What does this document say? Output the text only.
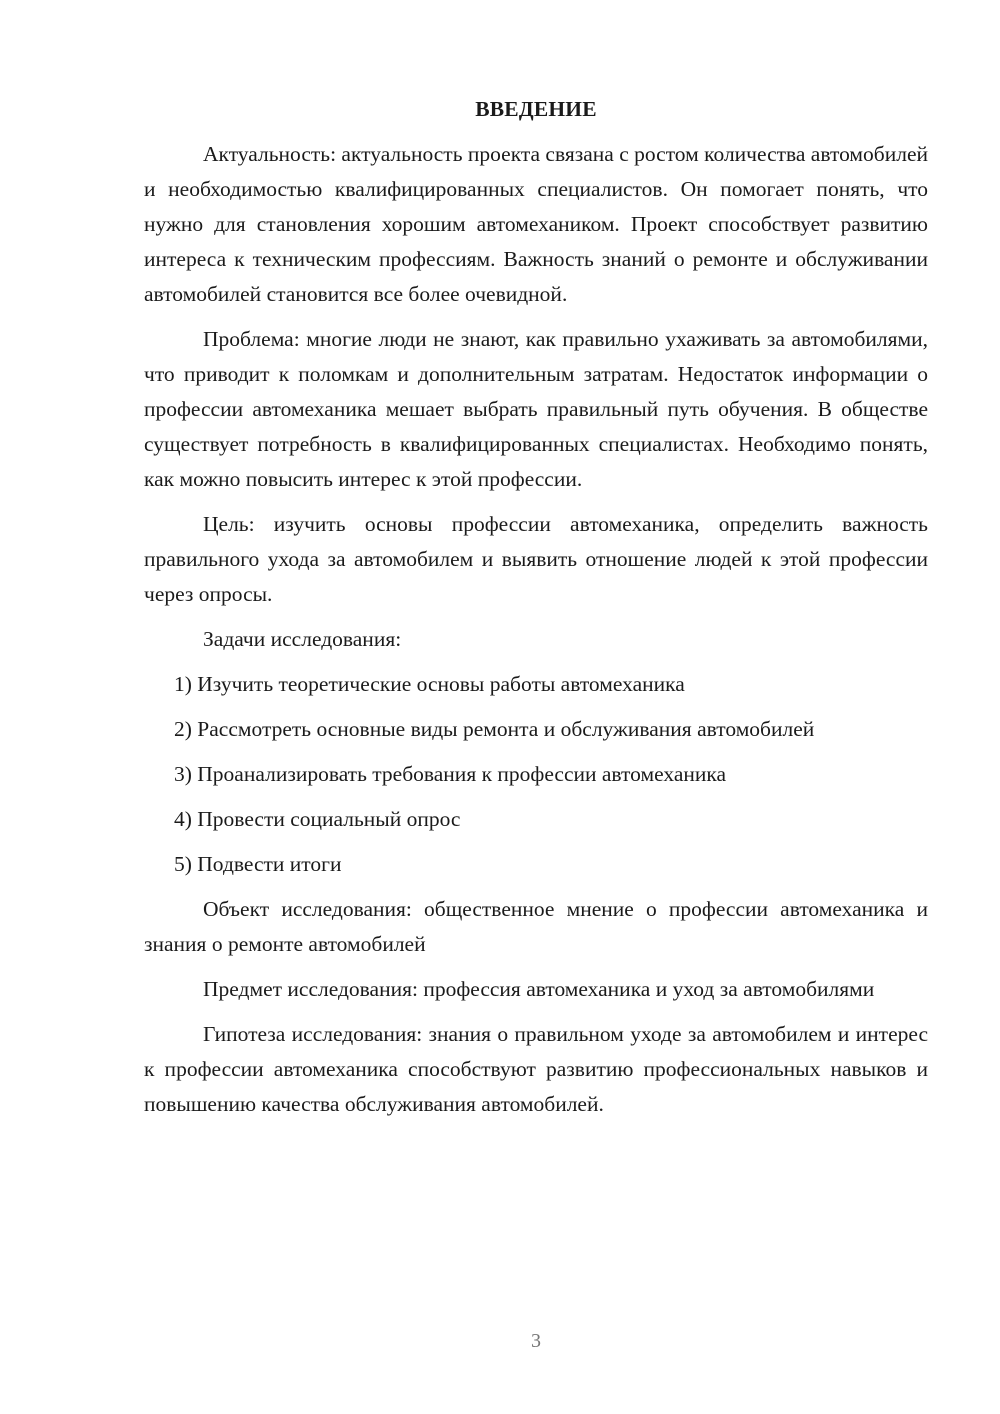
ВВЕДЕНИЕ

Актуальность: актуальность проекта связана с ростом количества автомобилей и необходимостью квалифицированных специалистов. Он помогает понять, что нужно для становления хорошим автомехаником. Проект способствует развитию интереса к техническим профессиям. Важность знаний о ремонте и обслуживании автомобилей становится все более очевидной.

Проблема: многие люди не знают, как правильно ухаживать за автомобилями, что приводит к поломкам и дополнительным затратам. Недостаток информации о профессии автомеханика мешает выбрать правильный путь обучения. В обществе существует потребность в квалифицированных специалистах. Необходимо понять, как можно повысить интерес к этой профессии.

Цель: изучить основы профессии автомеханика, определить важность правильного ухода за автомобилем и выявить отношение людей к этой профессии через опросы.

Задачи исследования:

1) Изучить теоретические основы работы автомеханика
2) Рассмотреть основные виды ремонта и обслуживания автомобилей
3) Проанализировать требования к профессии автомеханика
4) Провести социальный опрос
5) Подвести итоги

Объект исследования: общественное мнение о профессии автомеханика и знания о ремонте автомобилей

Предмет исследования: профессия автомеханика и уход за автомобилями

Гипотеза исследования: знания о правильном уходе за автомобилем и интерес к профессии автомеханика способствуют развитию профессиональных навыков и повышению качества обслуживания автомобилей.

3
